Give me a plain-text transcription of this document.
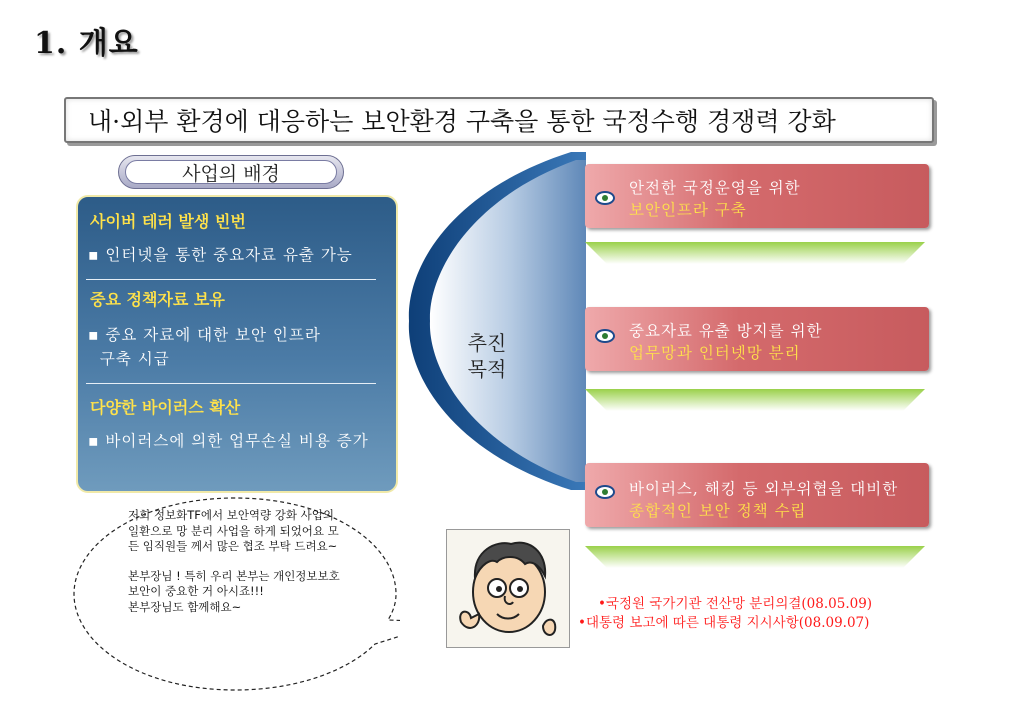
1. 개요
내·외부 환경에 대응하는 보안환경 구축을 통한 국정수행 경쟁력 강화
사업의 배경
사이버 테러 발생 빈번
▪ 인터넷을 통한 중요자료 유출 가능
중요 정책자료 보유
▪ 중요 자료에 대한 보안 인프라
구축 시급
다양한 바이러스 확산
▪ 바이러스에 의한 업무손실 비용 증가
추진
목적
안전한 국정운영을 위한
보안인프라 구축
중요자료 유출 방지를 위한
업무망과 인터넷망 분리
바이러스, 해킹 등 외부위협을 대비한
종합적인 보안 정책 수립
•국정원 국가기관 전산망 분리의결(08.05.09)
•대통령 보고에 따른 대통령 지시사항(08.09.07)

저희 정보화TF에서 보안역량 강화 사업의 일환으로 망 분리 사업을 하게 되었어요 모든 임직원들 께서 많은 협조 부탁 드려요~

본부장님 ! 특히 우리 본부는 개인정보보호 보안이 중요한 거 아시죠!!!

본부장님도 함께해요~
